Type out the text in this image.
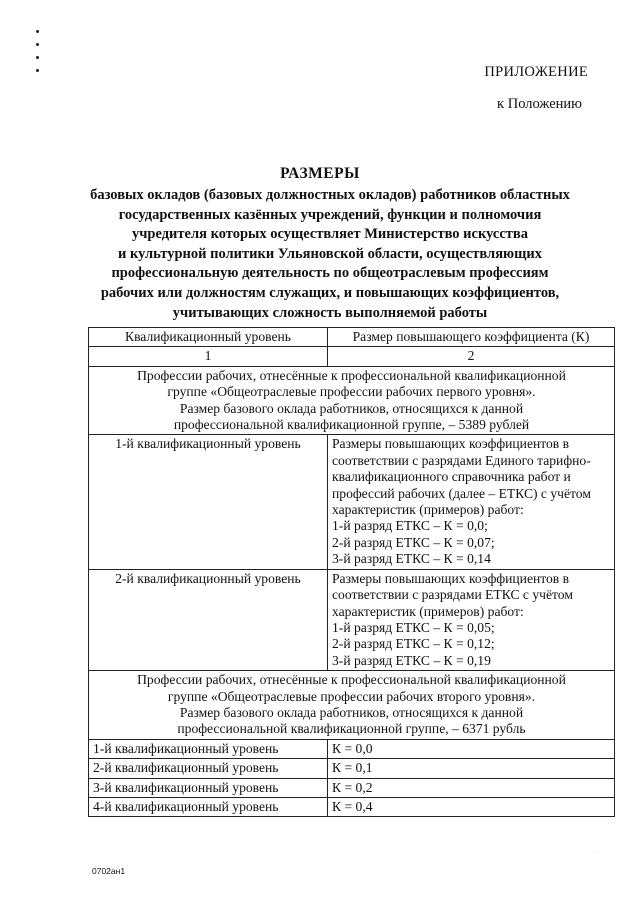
ПРИЛОЖЕНИЕ
к Положению
РАЗМЕРЫ
базовых окладов (базовых должностных окладов) работников областных
государственных казённых учреждений, функции и полномочия
учредителя которых осуществляет Министерство искусства
и культурной политики Ульяновской области, осуществляющих
профессиональную деятельность по общеотраслевым профессиям
рабочих или должностям служащих, и повышающих коэффициентов,
учитывающих сложность выполняемой работы
Квалификационный уровень	Размер повышающего коэффициента (К)
1	2

Профессии рабочих, отнесённые к профессиональной квалификационной
группе «Общеотраслевые профессии рабочих первого уровня».
Размер базового оклада работников, относящихся к данной
профессиональной квалификационной группе, – 5389 рублей	

1-й квалификационный уровень	Размеры повышающих коэффициентов в соответствии с разрядами Единого тарифно-квалификационного справочника работ и профессий рабочих (далее – ЕТКС) с учётом характеристик (примеров) работ:
1-й разряд ЕТКС – К = 0,0;
2-й разряд ЕТКС – К = 0,07;
3-й разряд ЕТКС – К = 0,14

2-й квалификационный уровень	Размеры повышающих коэффициентов в соответствии с разрядами ЕТКС с учётом характеристик (примеров) работ:
1-й разряд ЕТКС – К = 0,05;
2-й разряд ЕТКС – К = 0,12;
3-й разряд ЕТКС – К = 0,19

Профессии рабочих, отнесённые к профессиональной квалификационной
группе «Общеотраслевые профессии рабочих второго уровня».
Размер базового оклада работников, относящихся к данной
профессиональной квалификационной группе, – 6371 рубль	

1-й квалификационный уровень	К = 0,0
2-й квалификационный уровень	К = 0,1
3-й квалификационный уровень	К = 0,2
4-й квалификационный уровень	К = 0,4
· ·
0702ан1
